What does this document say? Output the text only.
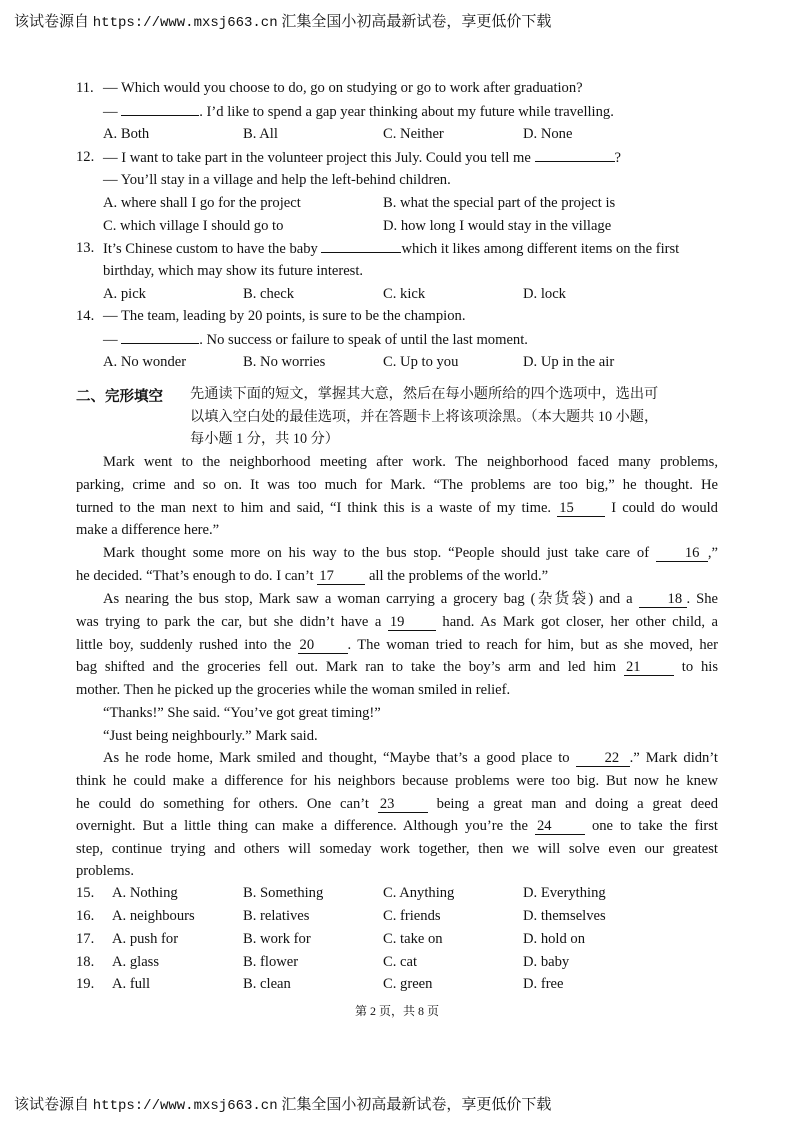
该试卷源自 https://www.mxsj663.cn 汇集全国小初高最新试卷，享更低价下载
11. — Which would you choose to do, go on studying or go to work after graduation?
—	. I’d like to spend a gap year thinking about my future while travelling.
A. Both	B. All	C. Neither	D. None
12. — I want to take part in the volunteer project this July. Could you tell me	?
— You’ll stay in a village and help the left-behind children.
A. where shall I go for the project	B. what the special part of the project is
C. which village I should go to	D. how long I would stay in the village
13. It’s Chinese custom to have the baby	which it likes among different items on the first
birthday, which may show its future interest.
A. pick	B. check	C. kick	D. lock
14. — The team, leading by 20 points, is sure to be the champion.
—	. No success or failure to speak of until the last moment.
A. No wonder	B. No worries	C. Up to you	D. Up in the air
二、完形填空 先通读下面的短文，掌握其大意，然后在每小题所给的四个选项中，选出可
以填入空白处的最佳选项，并在答题卡上将该项涂黑。（本大题共 10 小题，
每小题 1 分，共 10 分）
Mark went to the neighborhood meeting after work. The neighborhood faced many problems,
parking, crime and so on. It was too much for Mark. “The problems are too big,” he thought. He
turned to the man next to him and said, “I think this is a waste of my time. 15	I could do would
make a difference here.”
Mark thought some more on his way to the bus stop. “People should just take care of 16 ,”
he decided. “That’s enough to do. I can’t 17 all the problems of the world.”
As nearing the bus stop, Mark saw a woman carrying a grocery bag (杂货袋) and a 18 . She
was trying to park the car, but she didn’t have a 19	hand. As Mark got closer, her other child, a
little boy, suddenly rushed into the 20 . The woman tried to reach for him, but as she moved, her
bag shifted and the groceries fell out. Mark ran to take the boy’s arm and led him 21	to his
mother. Then he picked up the groceries while the woman smiled in relief.
“Thanks!” She said. “You’ve got great timing!”
“Just being neighbourly.” Mark said.
As he rode home, Mark smiled and thought, “Maybe that’s a good place to 22 .” Mark didn’t
think he could make a difference for his neighbors because problems were too big. But now he knew
he could do something for others. One can’t 23	being a great man and doing a great deed
overnight. But a little thing can make a difference. Although you’re the 24	one to take the first
step, continue trying and others will someday work together, then we will solve even our greatest
problems.
15. A. Nothing	B. Something	C. Anything	D. Everything
16. A. neighbours	B. relatives	C. friends	D. themselves
17. A. push for	B. work for	C. take on	D. hold on
18. A. glass	B. flower	C. cat	D. baby
19. A. full	B. clean	C. green	D. free
第 2 页，共 8 页
该试卷源自 https://www.mxsj663.cn 汇集全国小初高最新试卷，享更低价下载
